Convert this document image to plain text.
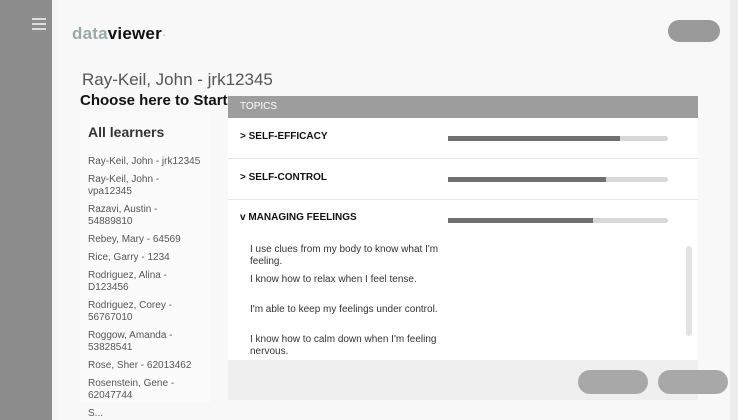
dataviewer·
Ray-Keil, John - jrk12345
Choose here to Start
All learners
Ray-Keil, John - jrk12345
Ray-Keil, John - vpa12345
Razavi, Austin - 54889810
Rebey, Mary - 64569
Rice, Garry - 1234
Rodriguez, Alina - D123456
Rodriguez, Corey - 56767010
Roggow, Amanda - 53828541
Rose, Sher - 62013462
Rosenstein, Gene - 62047744
S...
TOPICS
> SELF-EFFICACY
> SELF-CONTROL
v MANAGING FEELINGS
I use clues from my body to know what I'm feeling.
I know how to relax when I feel tense.
I'm able to keep my feelings under control.
I know how to calm down when I'm feeling nervous.
